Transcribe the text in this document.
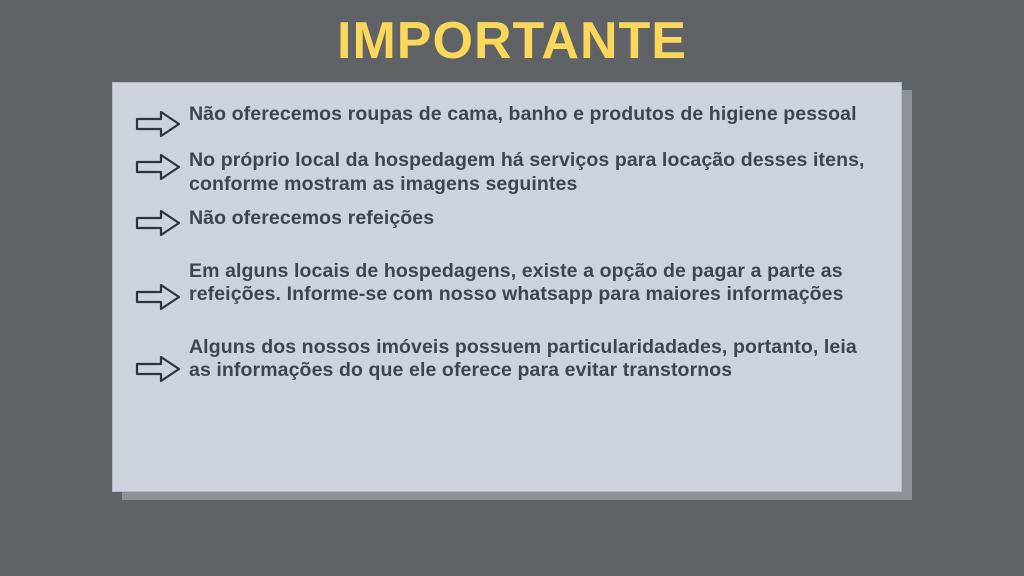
IMPORTANTE
Não oferecemos roupas de cama, banho e produtos de higiene pessoal
No próprio local da hospedagem há serviços para locação desses itens, conforme mostram as imagens seguintes
Não oferecemos refeições
Em alguns locais de hospedagens, existe a opção de pagar a parte as refeições. Informe-se com nosso whatsapp para maiores informações
Alguns dos nossos imóveis possuem particularidadades, portanto, leia as informações do que ele oferece para evitar transtornos
